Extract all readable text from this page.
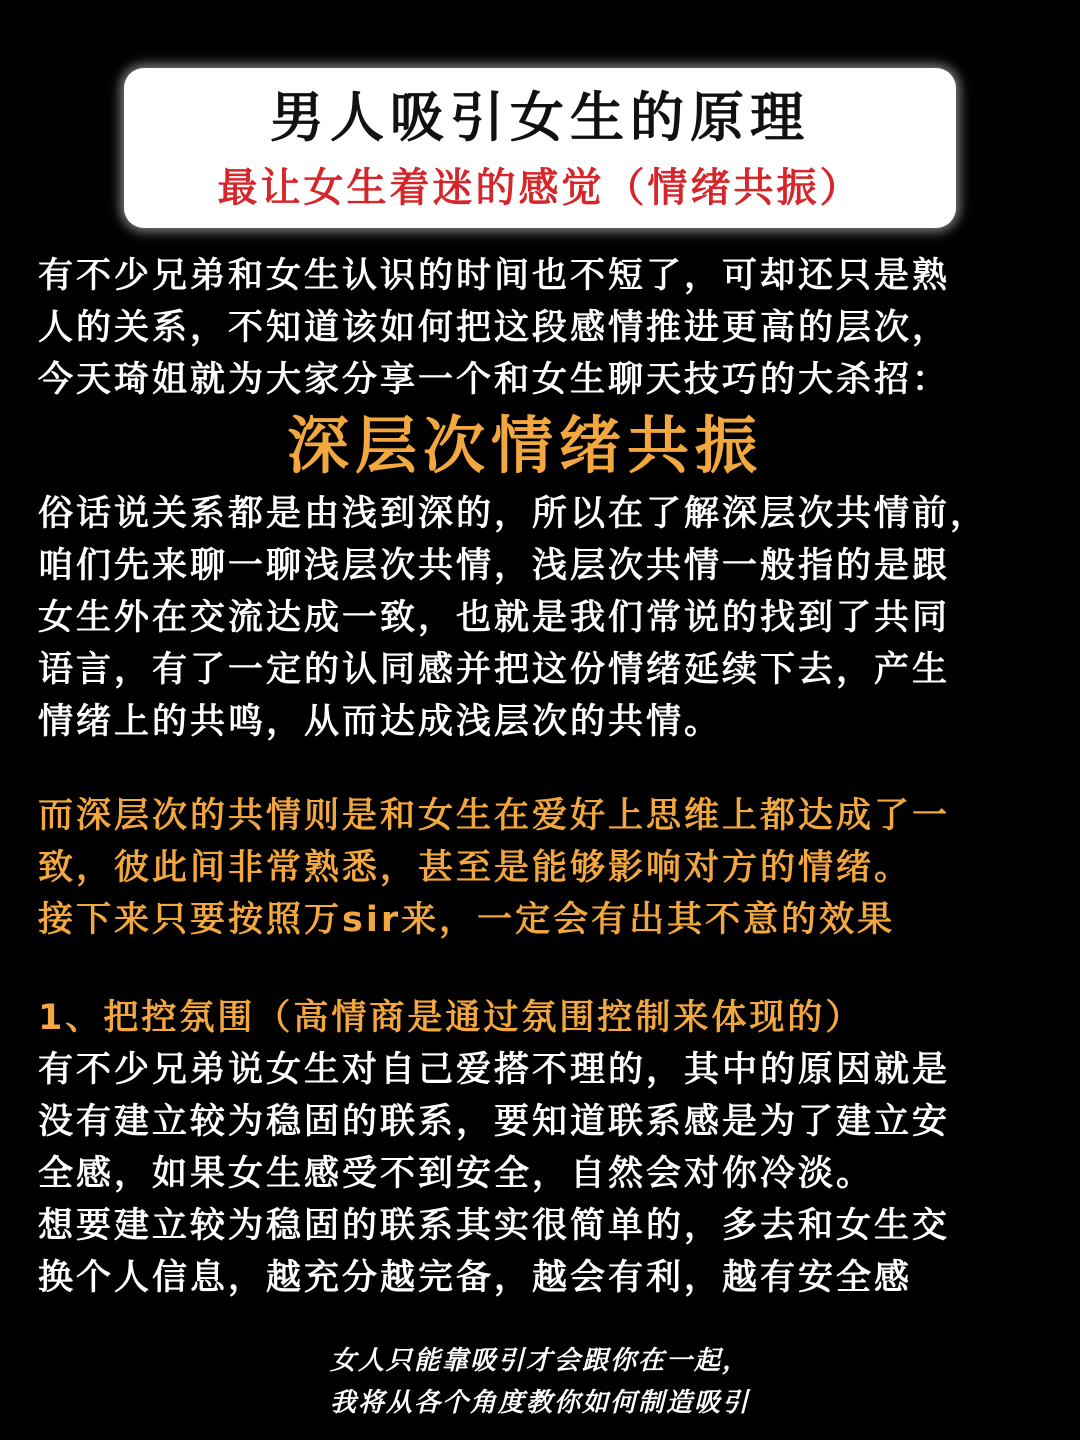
男人吸引女生的原理
最让女生着迷的感觉（情绪共振）
有不少兄弟和女生认识的时间也不短了，可却还只是熟
人的关系，不知道该如何把这段感情推进更高的层次，
今天琦姐就为大家分享一个和女生聊天技巧的大杀招：
深层次情绪共振
俗话说关系都是由浅到深的，所以在了解深层次共情前，
咱们先来聊一聊浅层次共情，浅层次共情一般指的是跟
女生外在交流达成一致，也就是我们常说的找到了共同
语言，有了一定的认同感并把这份情绪延续下去，产生
情绪上的共鸣，从而达成浅层次的共情。
而深层次的共情则是和女生在爱好上思维上都达成了一
致，彼此间非常熟悉，甚至是能够影响对方的情绪。
接下来只要按照万sir来，一定会有出其不意的效果
1、把控氛围（高情商是通过氛围控制来体现的）
有不少兄弟说女生对自己爱搭不理的，其中的原因就是
没有建立较为稳固的联系，要知道联系感是为了建立安
全感，如果女生感受不到安全，自然会对你冷淡。
想要建立较为稳固的联系其实很简单的，多去和女生交
换个人信息，越充分越完备，越会有利，越有安全感
女人只能靠吸引才会跟你在一起，
我将从各个角度教你如何制造吸引
